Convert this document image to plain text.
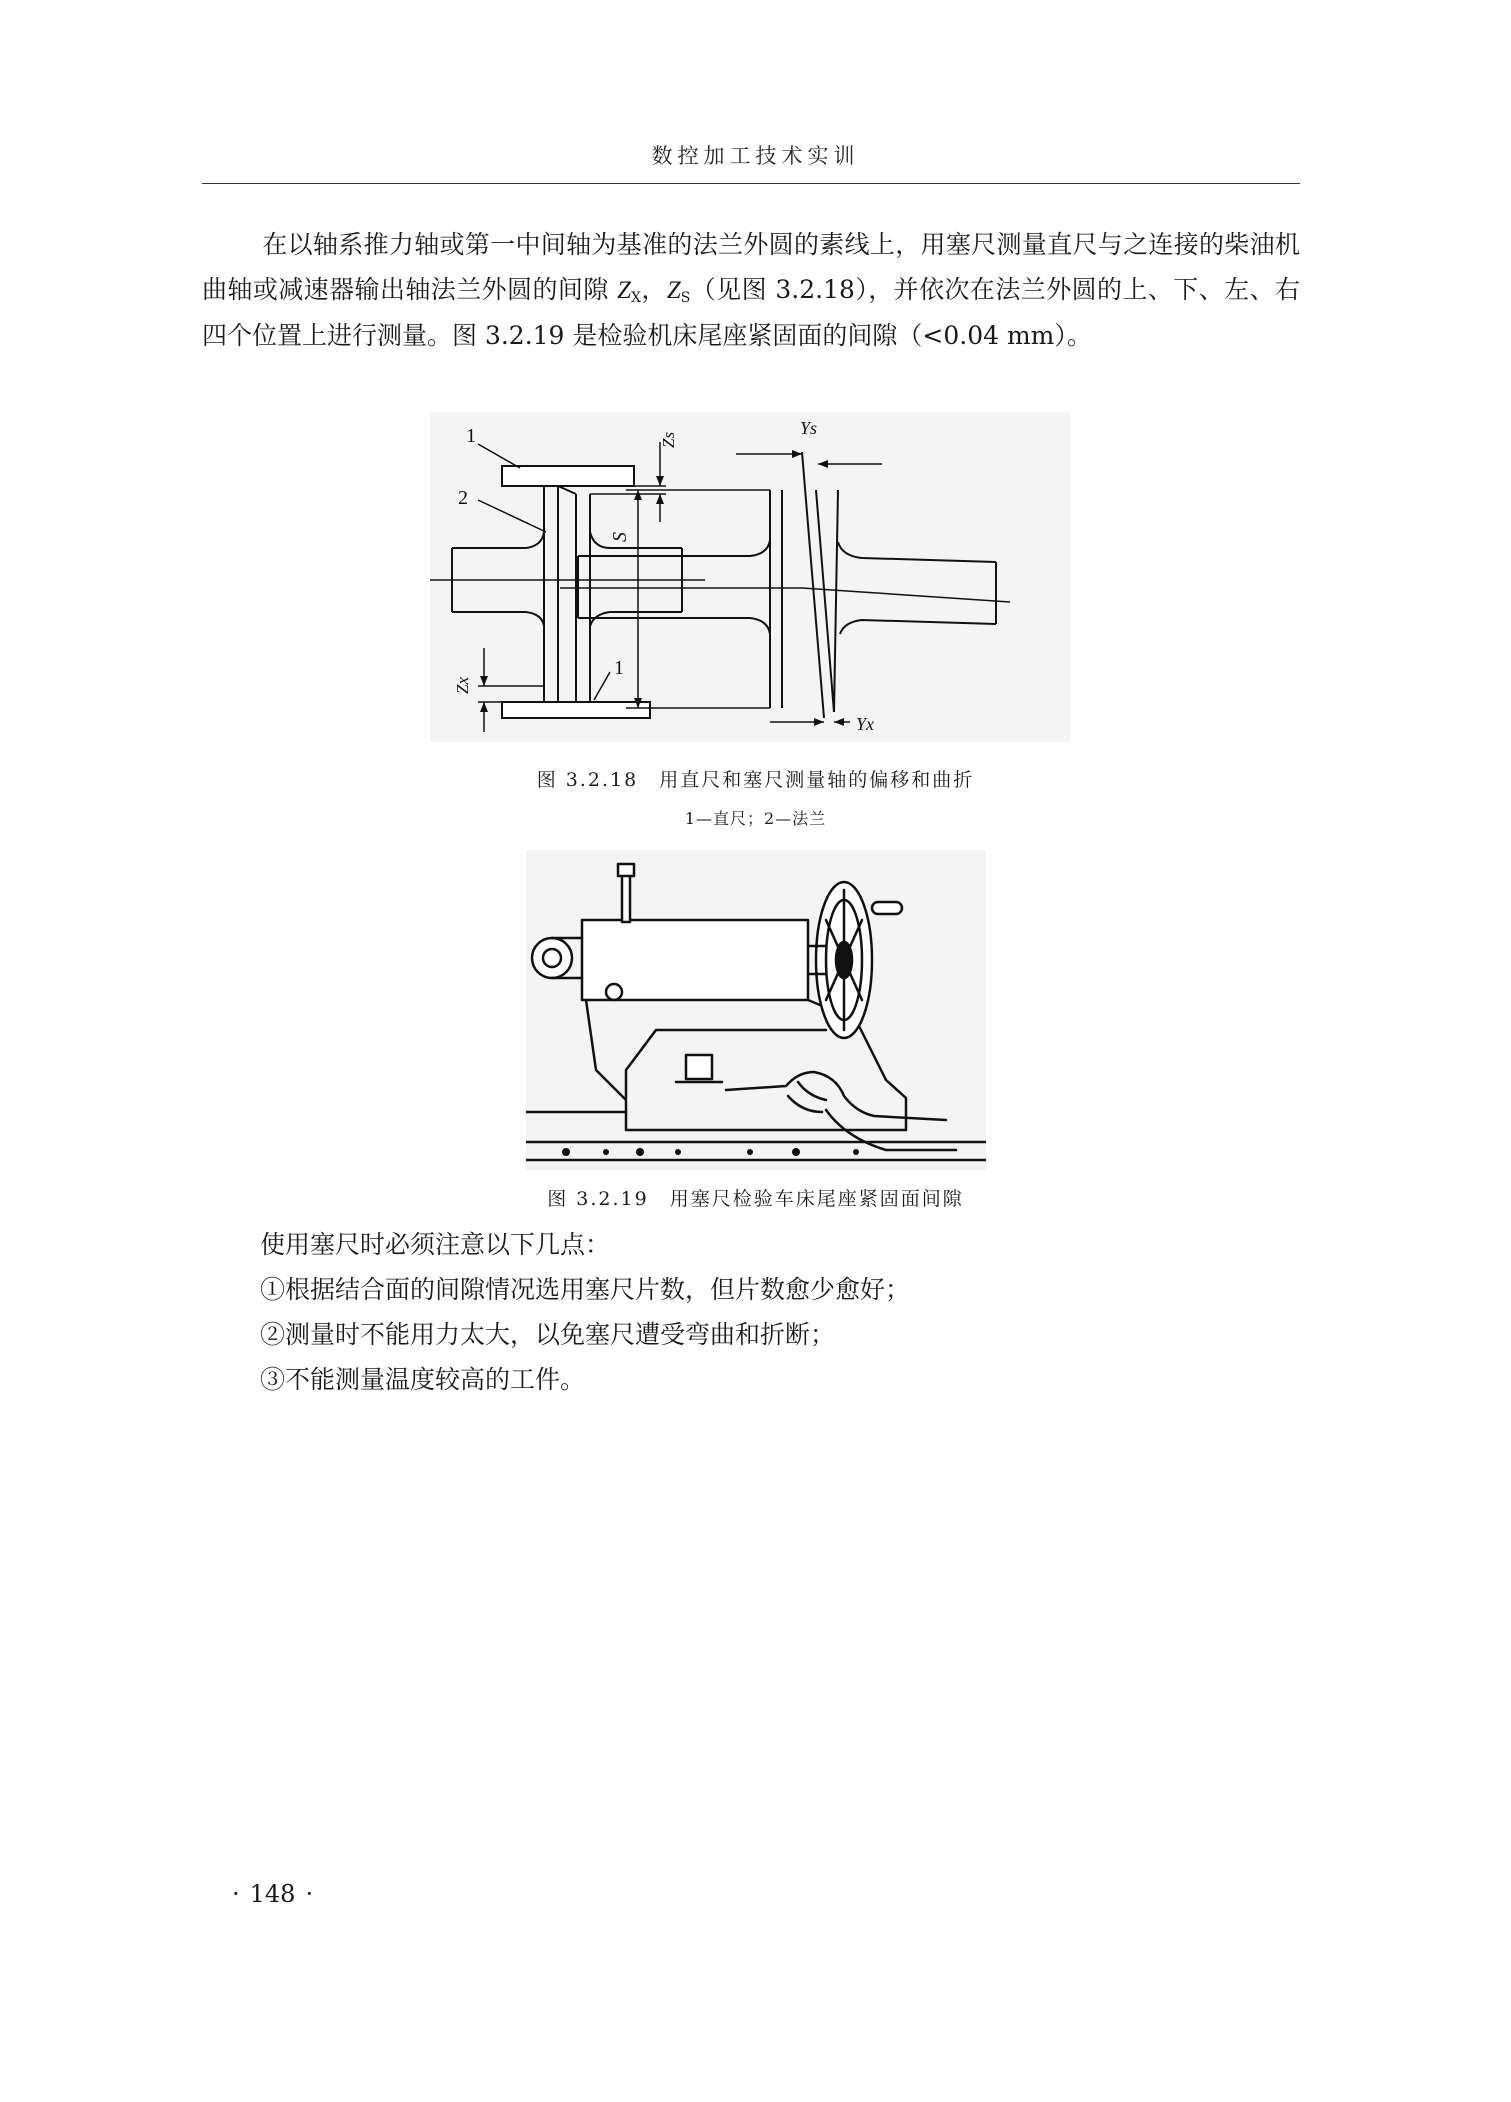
数控加工技术实训

在以轴系推力轴或第一中间轴为基准的法兰外圆的素线上，用塞尺测量直尺与之连接的柴油机曲轴或减速器输出轴法兰外圆的间隙 $Z_X$，$Z_S$（见图 3.2.18），并依次在法兰外圆的上、下、左、右四个位置上进行测量。图 3.2.19 是检验机床尾座紧固面的间隙（<0.04 mm）。

1
2
1
Zs
Zx
Ys
Yx
S
图 3.2.18　用直尺和塞尺测量轴的偏移和曲折
1—直尺；2—法兰
图 3.2.19　用塞尺检验车床尾座紧固面间隙
使用塞尺时必须注意以下几点：
①根据结合面的间隙情况选用塞尺片数，但片数愈少愈好；
②测量时不能用力太大，以免塞尺遭受弯曲和折断；
③不能测量温度较高的工件。
· 148 ·
